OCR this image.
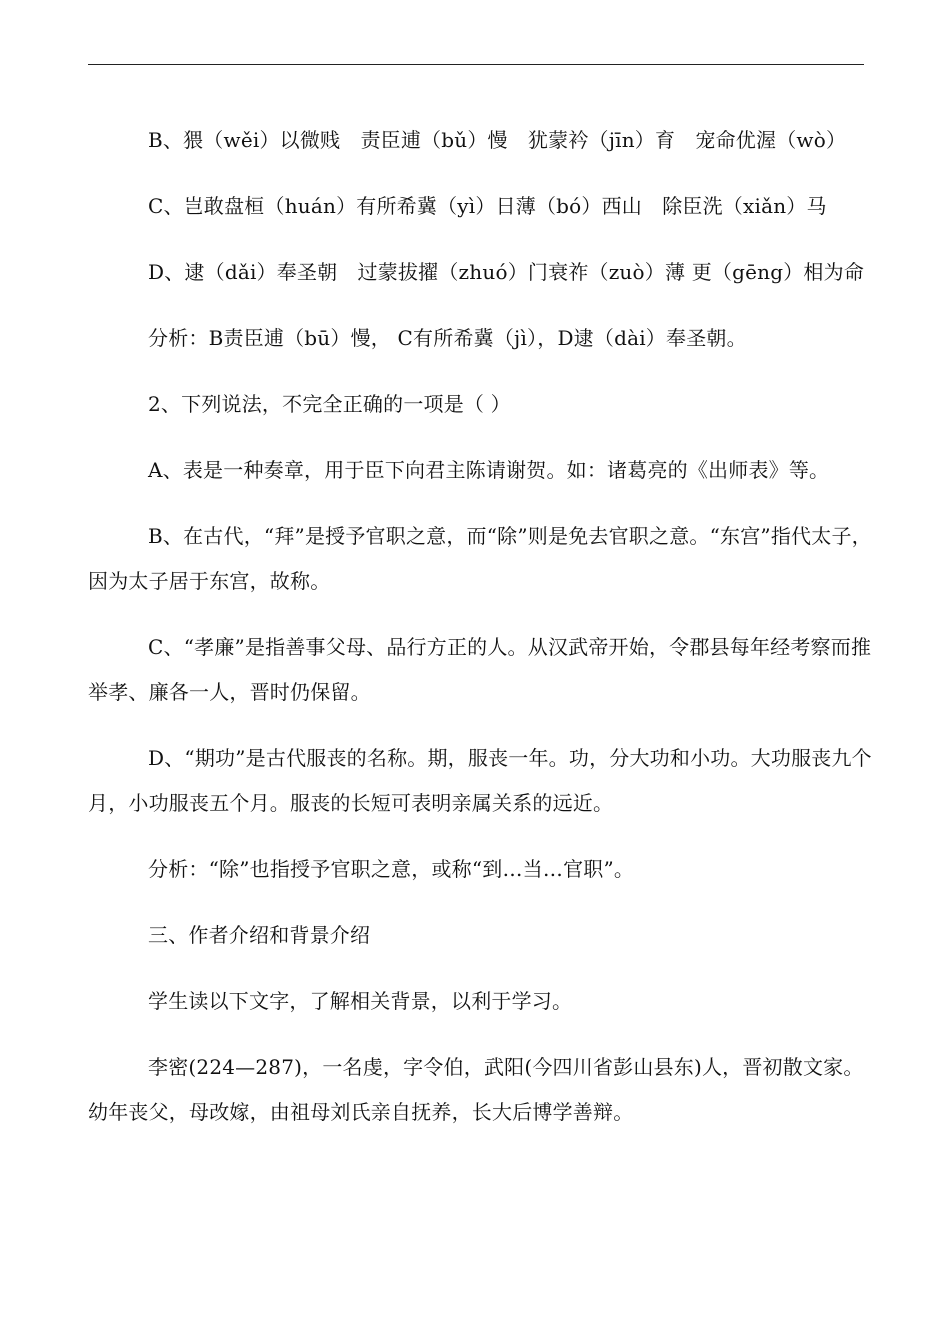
B、猥（wěi）以微贱　责臣逋（bǔ）慢　犹蒙衿（jīn）育　宠命优渥（wò）

C、岂敢盘桓（huán）有所希冀（yì）日薄（bó）西山　除臣洗（xiǎn）马

D、逮（dǎi）奉圣朝　过蒙拔擢（zhuó）门衰祚（zuò）薄 更（gēng）相为命

分析：B责臣逋（bū）慢， C有所希冀（jì），D逮（dài）奉圣朝。

2、下列说法，不完全正确的一项是（ ）

A、表是一种奏章，用于臣下向君主陈请谢贺。如：诸葛亮的《出师表》等。

B、在古代，“拜”是授予官职之意，而“除”则是免去官职之意。“东宫”指代太子，因为太子居于东宫，故称。

C、“孝廉”是指善事父母、品行方正的人。从汉武帝开始，令郡县每年经考察而推举孝、廉各一人，晋时仍保留。

D、“期功”是古代服丧的名称。期，服丧一年。功，分大功和小功。大功服丧九个月，小功服丧五个月。服丧的长短可表明亲属关系的远近。

分析：“除”也指授予官职之意，或称“到…当…官职”。

三、作者介绍和背景介绍

学生读以下文字，了解相关背景，以利于学习。

李密(224—287)，一名虔，字令伯，武阳(今四川省彭山县东)人，晋初散文家。幼年丧父，母改嫁，由祖母刘氏亲自抚养，长大后博学善辩。
